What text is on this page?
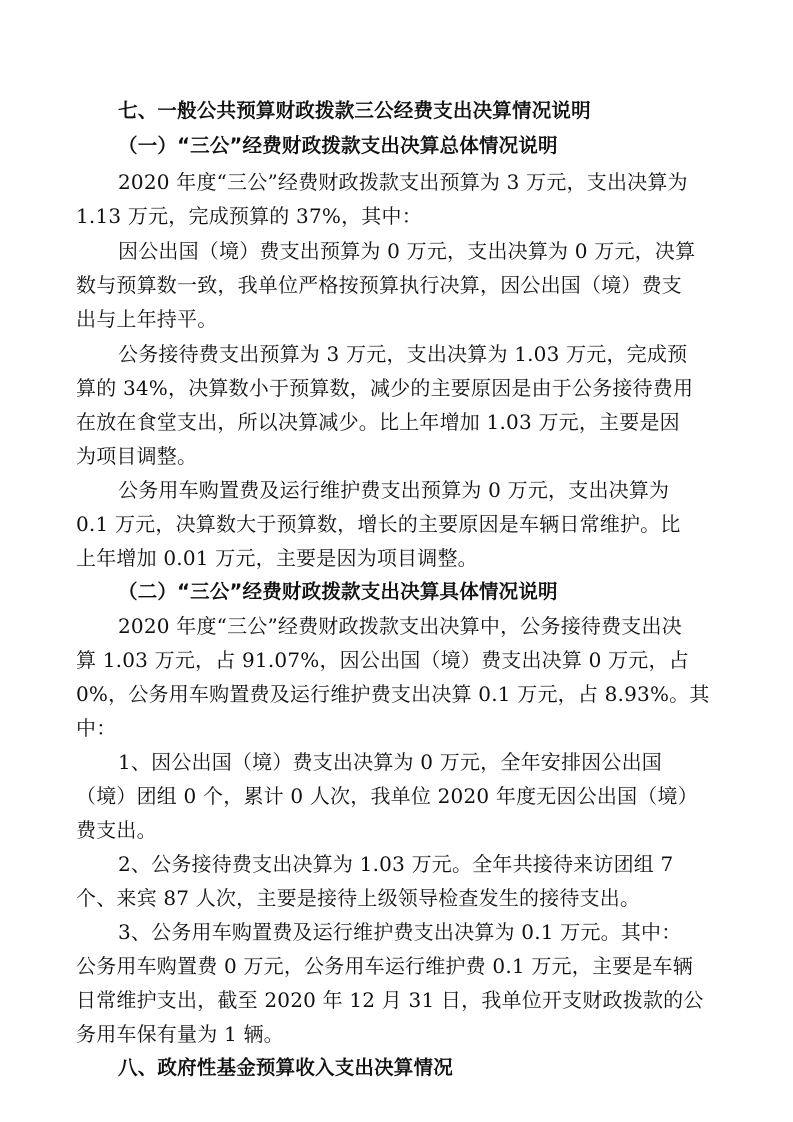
七、一般公共预算财政拨款三公经费支出决算情况说明
（一）“三公”经费财政拨款支出决算总体情况说明
2020 年度“三公”经费财政拨款支出预算为 3 万元，支出决算为
1.13 万元，完成预算的 37%，其中：
因公出国（境）费支出预算为 0 万元，支出决算为 0 万元，决算
数与预算数一致，我单位严格按预算执行决算，因公出国（境）费支
出与上年持平。
公务接待费支出预算为 3 万元，支出决算为 1.03 万元，完成预
算的 34%，决算数小于预算数，减少的主要原因是由于公务接待费用
在放在食堂支出，所以决算减少。比上年增加 1.03 万元，主要是因
为项目调整。
公务用车购置费及运行维护费支出预算为 0 万元，支出决算为
0.1 万元，决算数大于预算数，增长的主要原因是车辆日常维护。比
上年增加 0.01 万元，主要是因为项目调整。
（二）“三公”经费财政拨款支出决算具体情况说明
2020 年度“三公”经费财政拨款支出决算中，公务接待费支出决
算 1.03 万元，占 91.07%，因公出国（境）费支出决算 0 万元，占
0%，公务用车购置费及运行维护费支出决算 0.1 万元，占 8.93%。其
中：
1、因公出国（境）费支出决算为 0 万元，全年安排因公出国
（境）团组 0 个，累计 0 人次，我单位 2020 年度无因公出国（境）
费支出。
2、公务接待费支出决算为 1.03 万元。全年共接待来访团组 7
个、来宾 87 人次，主要是接待上级领导检查发生的接待支出。
3、公务用车购置费及运行维护费支出决算为 0.1 万元。其中：
公务用车购置费 0 万元，公务用车运行维护费 0.1 万元，主要是车辆
日常维护支出，截至 2020 年 12 月 31 日，我单位开支财政拨款的公
务用车保有量为 1 辆。
八、政府性基金预算收入支出决算情况
